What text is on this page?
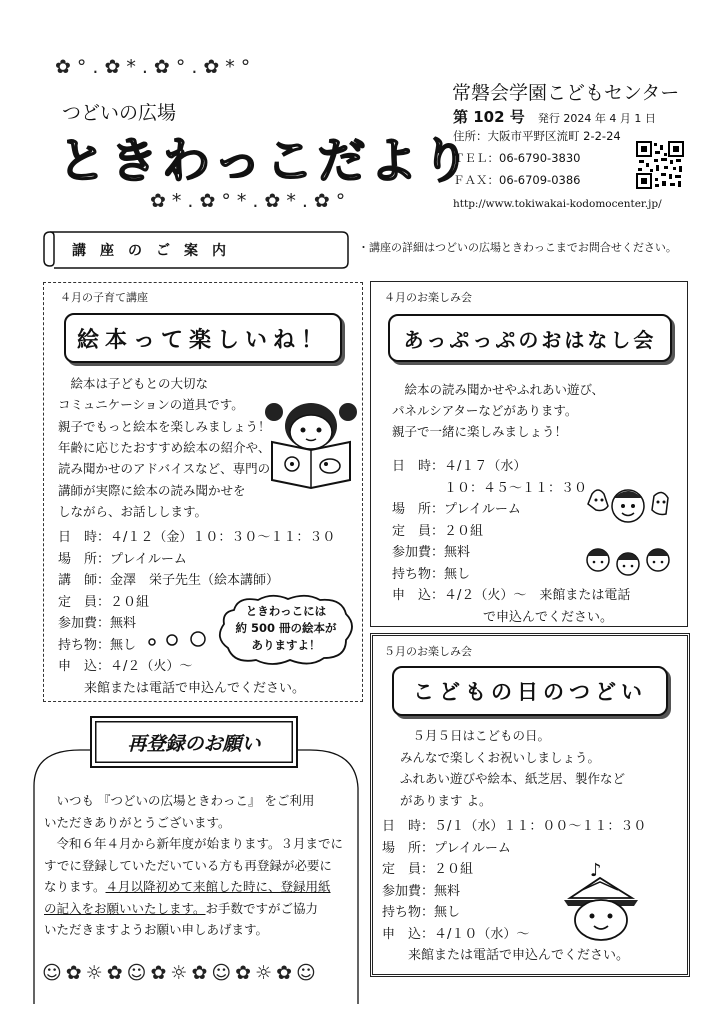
✿°.✿*.✿°.✿*°
つどいの広場
ときわっこだより
✿*.✿°*.✿*.✿°
常磐会学園こどもセンター
第 102 号 発行 2024 年 4 月 1 日
住所：大阪市平野区流町 2-2-24
ＴＥＬ：06-6790-3830
ＦＡＸ：06-6709-0386
http://www.tokiwakai-kodomocenter.jp/
講　座　の　ご　案　内	・講座の詳細はつどいの広場ときわっこまでお問合せください。
４月の子育て講座
絵本って楽しいね！
　絵本は子どもとの大切な
コミュニケーションの道具です。
親子でもっと絵本を楽しみましょう！
年齢に応じたおすすめ絵本の紹介や、
読み聞かせのアドバイスなど、専門の
講師が実際に絵本の読み聞かせを
しながら、お話しします。
日　時：４/１２（金）１０：３０～１１：３０
場　所：プレイルーム
講　師：金澤　栄子先生（絵本講師）
定　員：２０組
参加費：無料
持ち物：無し
申　込：４/２（火）～
　　来館または電話で申込んでください。
ときわっこには
約 500 冊の絵本が
ありますよ！
４月のお楽しみ会
あっぷっぷのおはなし会
　絵本の読み聞かせやふれあい遊び、
パネルシアターなどがあります。
親子で一緒に楽しみましょう！
日　時：４/１７（水）
　　　　１０：４５～１１：３０
場　所：プレイルーム
定　員：２０組
参加費：無料
持ち物：無し
申　込：４/２（火）～　来館または電話
　　　　　　　で申込んでください。
５月のお楽しみ会
こどもの日のつどい
　５月５日はこどもの日。
みんなで楽しくお祝いしましょう。
ふれあい遊びや絵本、紙芝居、製作など
があります よ。
日　時：５/１（水）１１：００～１１：３０
場　所：プレイルーム
定　員：２０組
参加費：無料
持ち物：無し
申　込：４/１０（水）～
　　来館または電話で申込んでください。
♪
再登録のお願い
　いつも 『つどいの広場ときわっこ』 をご利用
いただきありがとうございます。
　令和６年４月から新年度が始まります。３月までに
すでに登録していただいている方も再登録が必要に
なります。４月以降初めて来館した時に、登録用紙
の記入をお願いいたします。お手数ですがご協力
いただきますようお願い申しあげます。
☺✿☼✿☺✿☼✿☺✿☼✿☺
